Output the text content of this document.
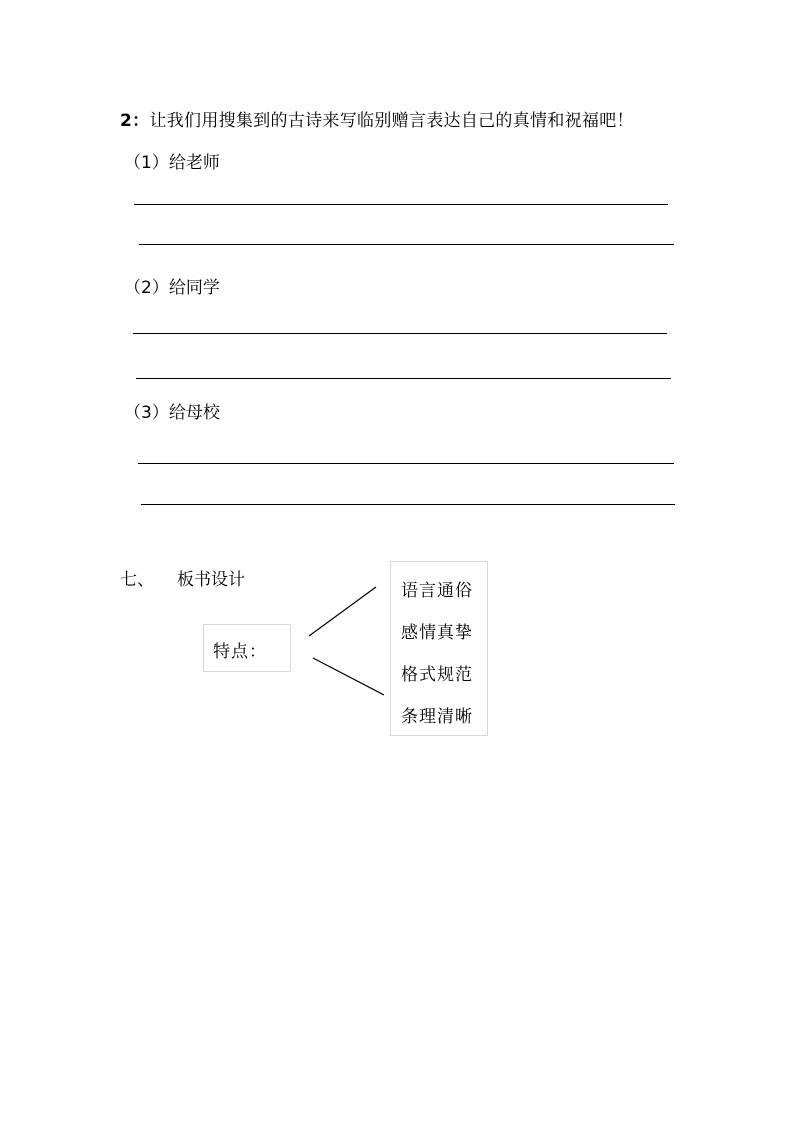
2：让我们用搜集到的古诗来写临别赠言表达自己的真情和祝福吧！
（1）给老师
（2）给同学
（3）给母校
七、 板书设计
特点：
语言通俗
感情真挚
格式规范
条理清晰
